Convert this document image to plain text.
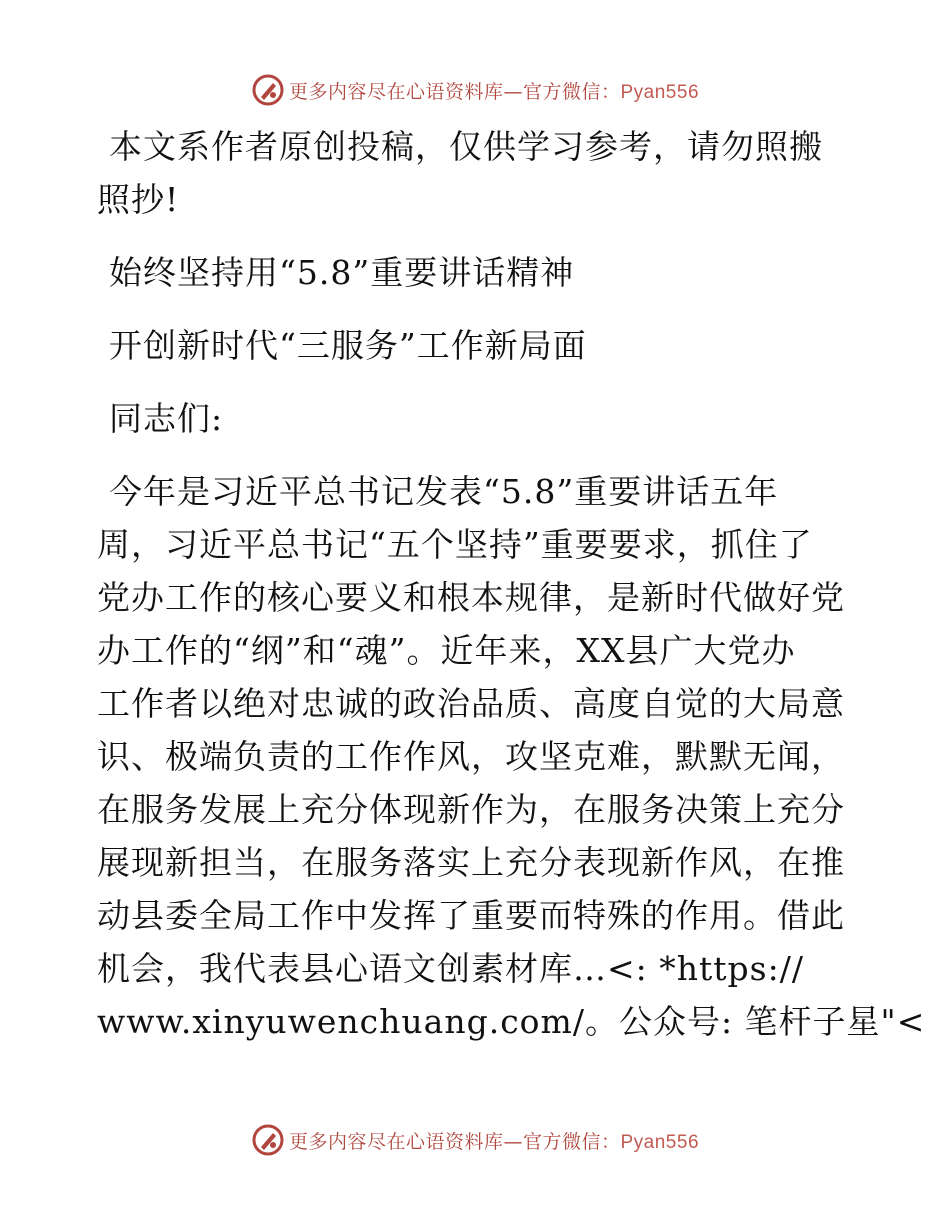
更多内容尽在心语资料库—官方微信：Pyan556
本文系作者原创投稿，仅供学习参考，请勿照搬
照抄!
始终坚持用“5.8”重要讲话精神
开创新时代“三服务”工作新局面
同志们:
今年是习近平总书记发表“5.8”重要讲话五年
周，习近平总书记“五个坚持”重要要求，抓住了
党办工作的核心要义和根本规律，是新时代做好党
办工作的“纲”和“魂”。近年来，XX县广大党办
工作者以绝对忠诚的政治品质、高度自觉的大局意
识、极端负责的工作作风，攻坚克难，默默无闻，
在服务发展上充分体现新作为，在服务决策上充分
展现新担当，在服务落实上充分表现新作风，在推
动县委全局工作中发挥了重要而特殊的作用。借此
机会，我代表县心语文创素材库…<: *https://
www.xinyuwenchuang.com/。公众号: 笔杆子星"<
更多内容尽在心语资料库—官方微信：Pyan556
